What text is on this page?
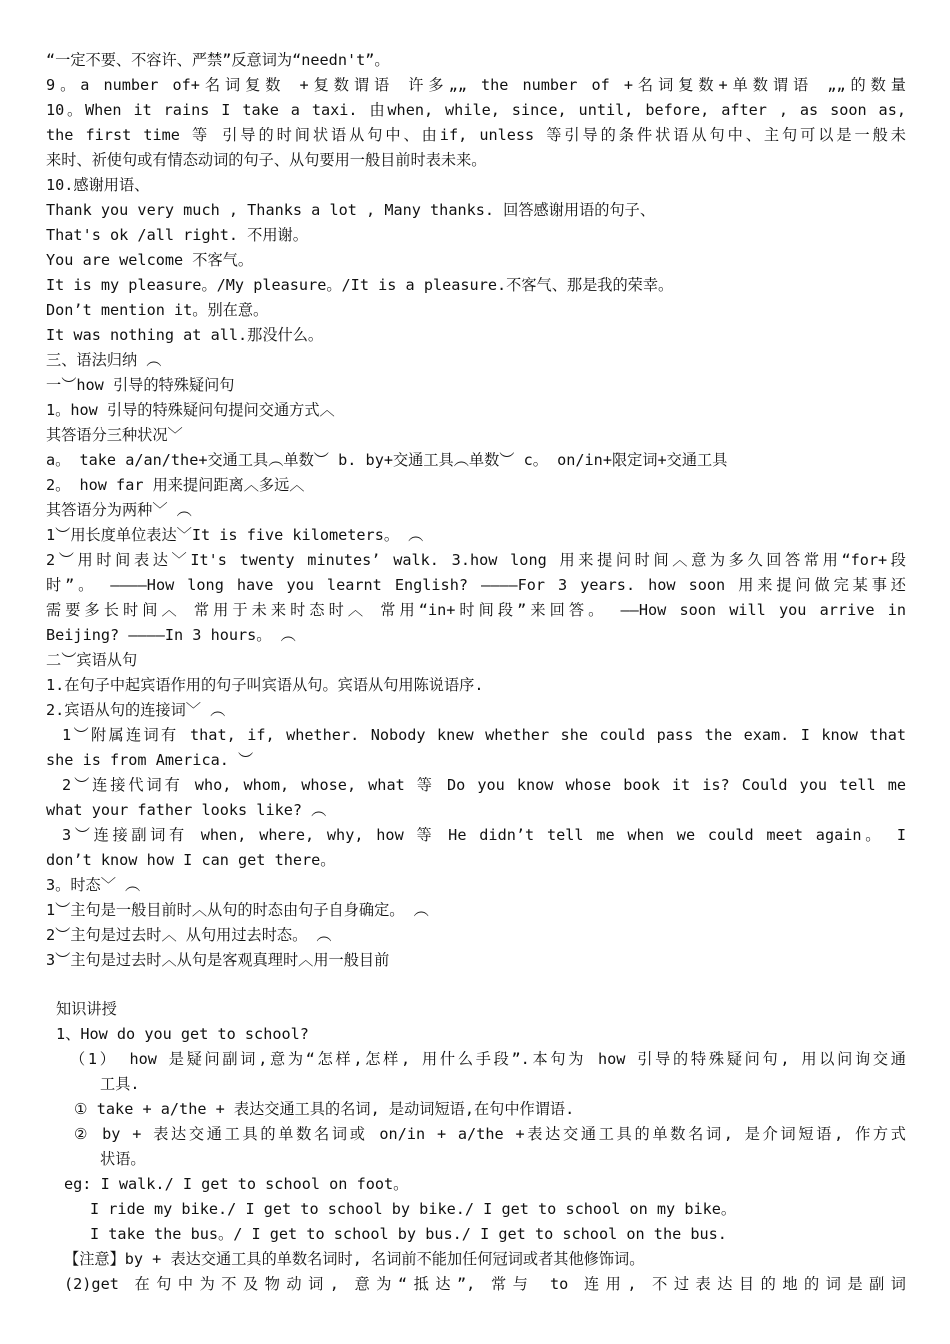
“一定不要、不容许、严禁”反意词为“needn't”。
9。a number of+名词复数 +复数谓语 许多„„ the number of +名词复数+单数谓语 „„的数量
10。When it rains I take a taxi. 由when, while, since, until, before, after , as soon as,
the first time 等 引导的时间状语从句中、由if, unless 等引导的条件状语从句中、主句可以是一般未
来时、祈使句或有情态动词的句子、从句要用一般目前时表未来。
10.感谢用语、
Thank you very much , Thanks a lot , Many thanks. 回答感谢用语的句子、
That's ok /all right. 不用谢。
You are welcome 不客气。
It is my pleasure。/My pleasure。/It is a pleasure.不客气、那是我的荣幸。
Don’t mention it。别在意。
It was nothing at all.那没什么。
三、语法归纳 ︵
一︶how 引导的特殊疑问句
1。how 引导的特殊疑问句提问交通方式︿
其答语分三种状况﹀
a。 take a/an/the+交通工具︵单数︶ b. by+交通工具︵单数︶ c。 on/in+限定词+交通工具
2。 how far 用来提问距离︿多远︿
其答语分为两种﹀ ︵
1︶用长度单位表达﹀It is five kilometers。 ︵
2︶用时间表达﹀It's twenty minutes’ walk. 3.how long 用来提问时间︿意为多久回答常用“for+段
时”。 ————How long have you learnt English? ————For 3 years. how soon 用来提问做完某事还
需要多长时间︿ 常用于未来时态时︿ 常用“in+时间段”来回答。 ——How soon will you arrive in
Beijing? ————In 3 hours。 ︵
二︶宾语从句
1.在句子中起宾语作用的句子叫宾语从句。宾语从句用陈说语序.
2.宾语从句的连接词﹀ ︵
1︶附属连词有 that, if, whether. Nobody knew whether she could pass the exam. I know that
she is from America. ︶
2︶连接代词有 who, whom, whose, what 等 Do you know whose book it is? Could you tell me
what your father looks like? ︵
3︶连接副词有 when, where, why, how 等 He didn’t tell me when we could meet again。 I
don’t know how I can get there。
3。时态﹀ ︵
1︶主句是一般目前时︿从句的时态由句子自身确定。 ︵
2︶主句是过去时︿ 从句用过去时态。 ︵
3︶主句是过去时︿从句是客观真理时︿用一般目前
知识讲授
1、How do you get to school?
（1） how 是疑问副词,意为“怎样,怎样, 用什么手段”.本句为 how 引导的特殊疑问句, 用以问询交通
工具.
① take + a/the + 表达交通工具的名词, 是动词短语,在句中作谓语.
② by + 表达交通工具的单数名词或 on/in + a/the +表达交通工具的单数名词, 是介词短语, 作方式
状语。
eg: I walk./ I get to school on foot。
I ride my bike./ I get to school by bike./ I get to school on my bike。
I take the bus。/ I get to school by bus./ I get to school on the bus.
【注意】by + 表达交通工具的单数名词时, 名词前不能加任何冠词或者其他修饰词。
(2)get 在句中为不及物动词, 意为“抵达”, 常与 to 连用, 不过表达目的地的词是副词
